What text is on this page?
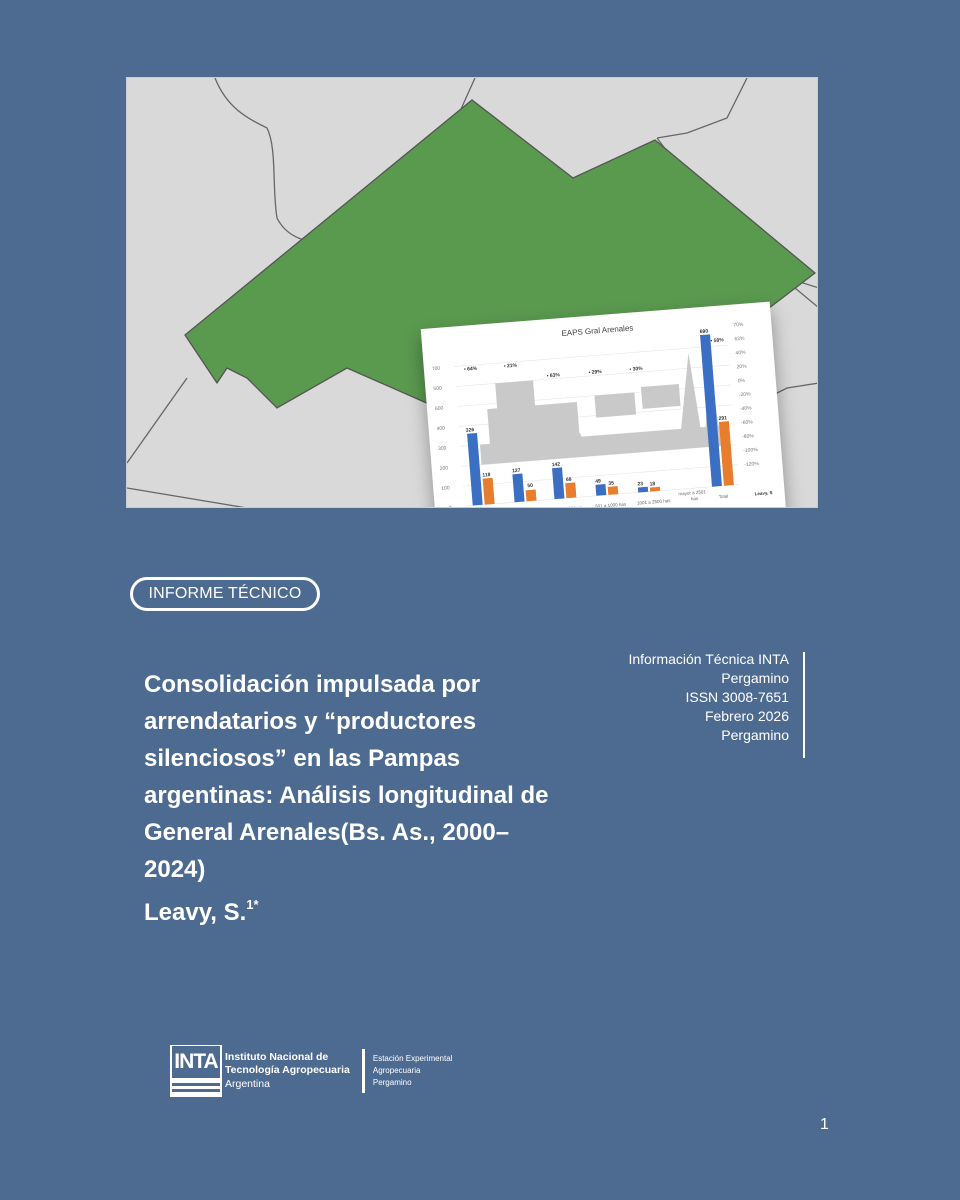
EAPS Gral Arenales
700
500
600
400
300
200
100
0
70%
62%
40%
20%
0%
-20%
-40%
-60%
-80%
-100%
-120%
326
118
127
50
142
68	49 35	23 18
690
291
• 64%	• 21%
• 63%	• 29%	• 30%
• 58%
0 a 100 has	101 a 200 has 201 a 500 has	501 a 1000 has 1001 a 2500 has
mayor a 2501
has	Total	Leavy, S
EAPS2002	EAPS 2018	Dism EAPS
INFORME TÉCNICO
Consolidación impulsada por
arrendatarios y “productores
silenciosos” en las Pampas
argentinas: Análisis longitudinal de
General Arenales(Bs. As., 2000–
2024)
Leavy, S.$^{1*}$
Información Técnica INTA
Pergamino
ISSN 3008-7651
Febrero 2026
Pergamino
INTA Instituto Nacional de
Tecnología Agropecuaria
Argentina
Estación Experimental
Agropecuaria
Pergamino
1
